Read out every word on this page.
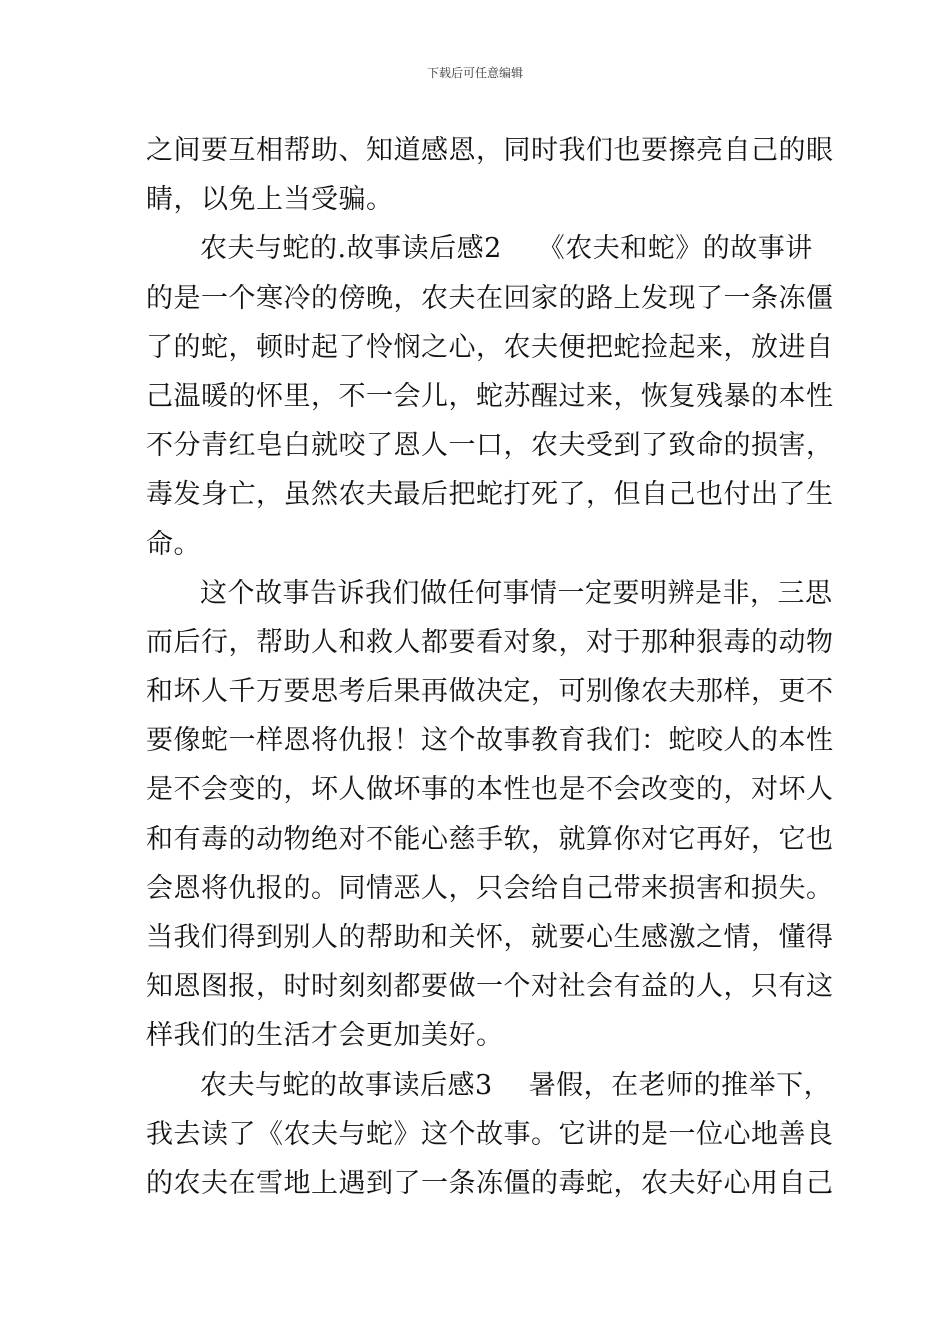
下载后可任意编辑
之间要互相帮助、知道感恩，同时我们也要擦亮自己的眼
睛，以免上当受骗。
农夫与蛇的.故事读后感2 《农夫和蛇》的故事讲
的是一个寒冷的傍晚，农夫在回家的路上发现了一条冻僵
了的蛇，顿时起了怜悯之心，农夫便把蛇捡起来，放进自
己温暖的怀里，不一会儿，蛇苏醒过来，恢复残暴的本性
不分青红皂白就咬了恩人一口，农夫受到了致命的损害，
毒发身亡，虽然农夫最后把蛇打死了，但自己也付出了生
命。
这个故事告诉我们做任何事情一定要明辨是非，三思
而后行，帮助人和救人都要看对象，对于那种狠毒的动物
和坏人千万要思考后果再做决定，可别像农夫那样，更不
要像蛇一样恩将仇报！这个故事教育我们：蛇咬人的本性
是不会变的，坏人做坏事的本性也是不会改变的，对坏人
和有毒的动物绝对不能心慈手软，就算你对它再好，它也
会恩将仇报的。同情恶人，只会给自己带来损害和损失。
当我们得到别人的帮助和关怀，就要心生感激之情，懂得
知恩图报，时时刻刻都要做一个对社会有益的人，只有这
样我们的生活才会更加美好。
农夫与蛇的故事读后感3 暑假，在老师的推举下，
我去读了《农夫与蛇》这个故事。它讲的是一位心地善良
的农夫在雪地上遇到了一条冻僵的毒蛇，农夫好心用自己
